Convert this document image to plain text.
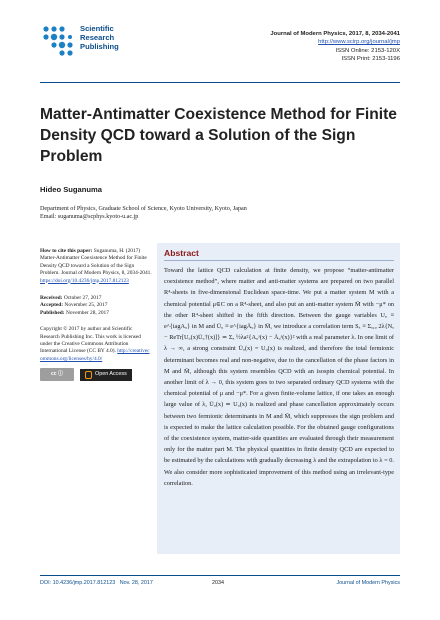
Scientific
Research
Publishing
Journal of Modern Physics, 2017, 8, 2034-2041
http://www.scirp.org/journal/jmp
ISSN Online: 2153-120X
ISSN Print: 2153-1196
Matter-Antimatter Coexistence Method for Finite Density QCD toward a Solution of the Sign Problem
Hideo Suganuma
Department of Physics, Graduate School of Science, Kyoto University, Kyoto, Japan
Email: suganuma@scphys.kyoto-u.ac.jp

How to cite this paper: Suganuma, H. (2017) Matter-Antimatter Coexistence Method for Finite Density QCD toward a Solution of the Sign Problem. Journal of Modern Physics, 8, 2034-2041. https://doi.org/10.4236/jmp.2017.812123

Received: October 27, 2017

Accepted: November 25, 2017

Published: November 28, 2017

Copyright © 2017 by author and Scientific Research Publishing Inc. This work is licensed under the Creative Commons Attribution International License (CC BY 4.0). http://creativecommons.org/licenses/by/4.0/

cc ⓘ	Open Access
Abstract

Toward the lattice QCD calculation at finite density, we propose “matter-antimatter coexistence method”, where matter and anti-matter systems are prepared on two parallel R⁴-sheets in five-dimensional Euclidean space-time. We put a matter system M with a chemical potential μ∈C on a R⁴-sheet, and also put an anti-matter system M̄ with −μ* on the other R⁴-sheet shifted in the fifth direction. Between the gauge variables Uᵤ ≡ e^{iagAᵤ} in M and Ūᵤ ≡ e^{iagĀᵤ} in M̄, we introduce a correlation term Sₓ ≡ Σₓ,ᵤ 2λ{Nₓ − ReTr[Uᵤ(x)Ūᵤ†(x)]} ≃ Σₓ ½λa²{Aᵤᵃ(x) − Āᵤᵃ(x)}² with a real parameter λ. In one limit of λ → ∞, a strong constraint Ūᵤ(x) = Uᵤ(x) is realized, and therefore the total fermionic determinant becomes real and non-negative, due to the cancellation of the phase factors in M and M̄, although this system resembles QCD with an isospin chemical potential. In another limit of λ → 0, this system goes to two separated ordinary QCD systems with the chemical potential of μ and −μ*. For a given finite-volume lattice, if one takes an enough large value of λ, Ūᵤ(x) ≃ Uᵤ(x) is realized and phase cancellation approximately occurs between two fermionic determinants in M and M̄, which suppresses the sign problem and is expected to make the lattice calculation possible. For the obtained gauge configurations of the coexistence system, matter-side quantities are evaluated through their measurement only for the matter part M. The physical quantities in finite density QCD are expected to be estimated by the calculations with gradually decreasing λ and the extrapolation to λ = 0. We also consider more sophisticated improvement of this method using an irrelevant-type correlation.

DOI: 10.4236/jmp.2017.812123 Nov. 28, 2017	2034	Journal of Modern Physics
